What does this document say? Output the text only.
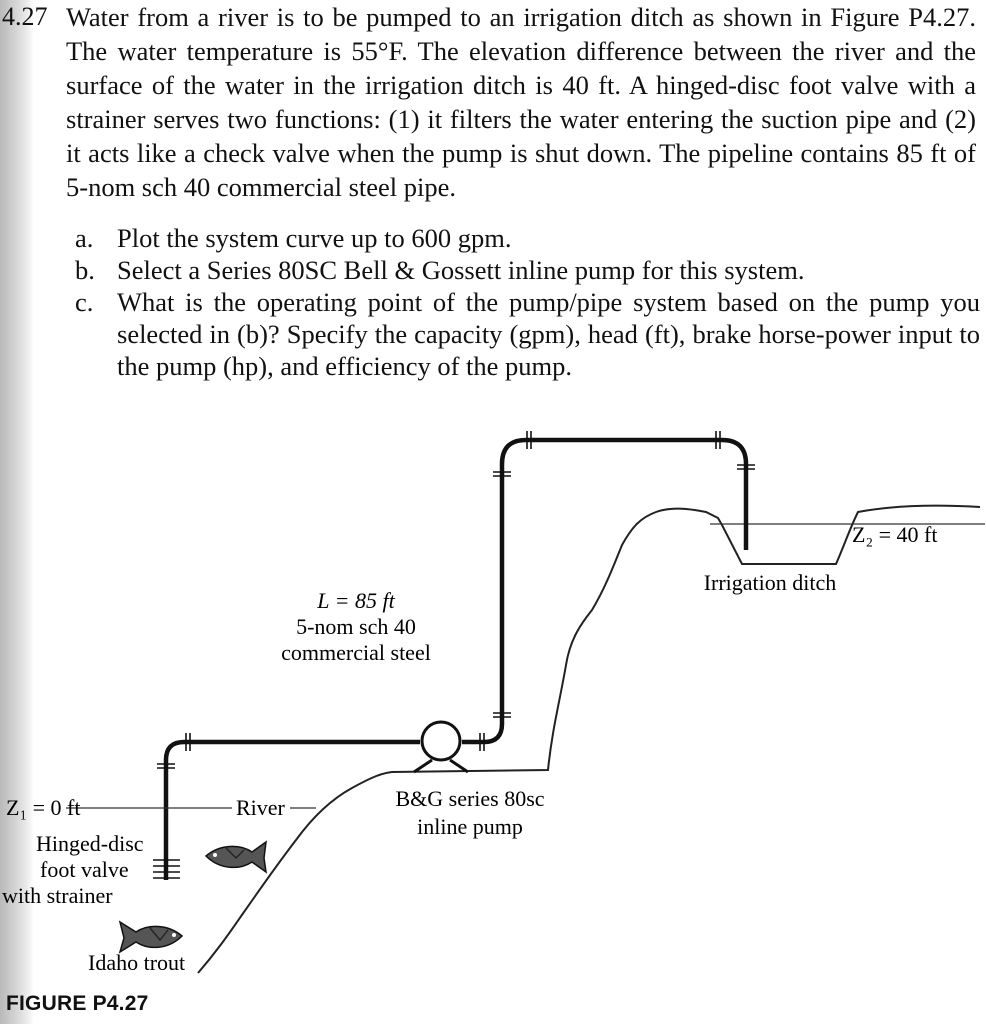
4.27 Water from a river is to be pumped to an irrigation ditch as shown in Figure P4.27. The water temperature is 55°F. The elevation difference between the river and the surface of the water in the irrigation ditch is 40 ft. A hinged-disc foot valve with a strainer serves two functions: (1) it filters the water entering the suction pipe and (2) it acts like a check valve when the pump is shut down. The pipeline contains 85 ft of 5-nom sch 40 commercial steel pipe.
a. Plot the system curve up to 600 gpm.
b. Select a Series 80SC Bell & Gossett inline pump for this system.
c. What is the operating point of the pump/pipe system based on the pump you selected in (b)? Specify the capacity (gpm), head (ft), brake horse-power input to the pump (hp), and efficiency of the pump.
L = 85 ft
5-nom sch 40
commercial steel
Irrigation ditch
Z₂ = 40 ft
Z₁ = 0 ft	River
Hinged-disc
foot valve
with strainer
B&G series 80sc
inline pump
Idaho trout
FIGURE P4.27
